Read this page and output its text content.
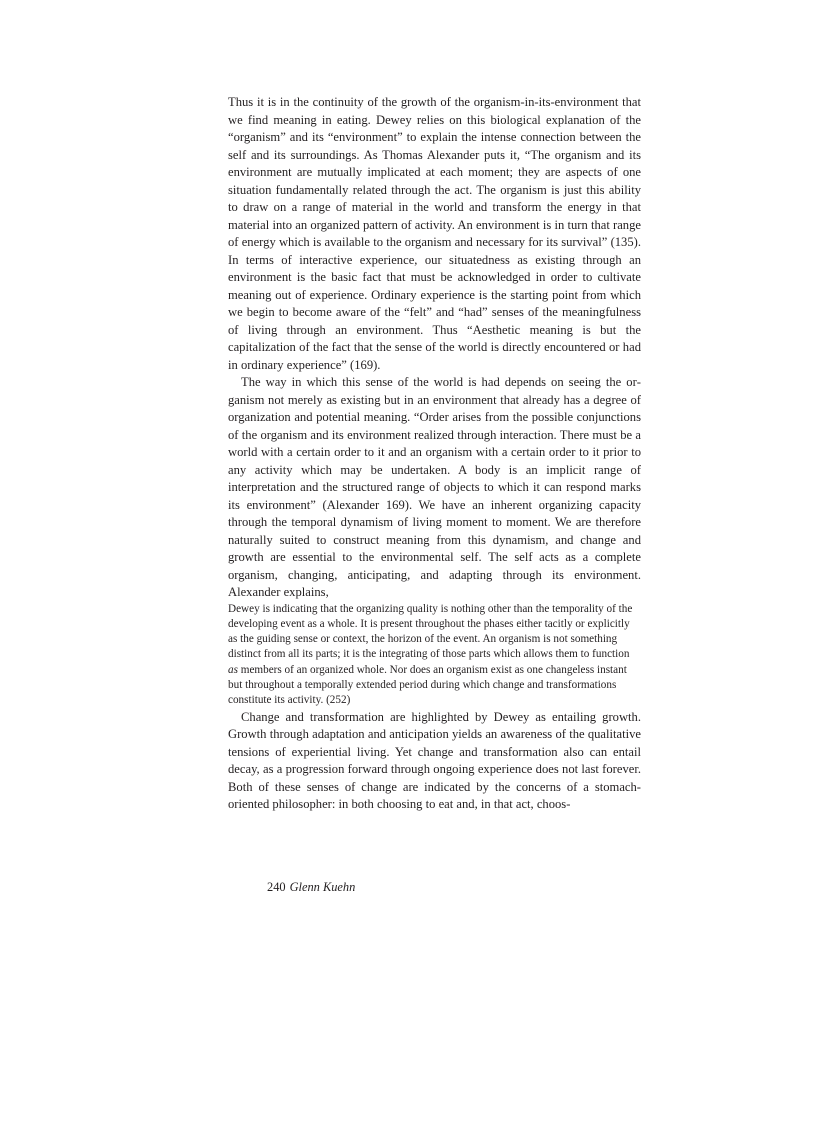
Thus it is in the continuity of the growth of the organism-in-its-environment that we find meaning in eating. Dewey relies on this biological explanation of the “organism” and its “environment” to explain the intense connection between the self and its surroundings. As Thomas Alexander puts it, “The organism and its environment are mutually implicated at each moment; they are aspects of one situation fundamentally related through the act. The organism is just this ability to draw on a range of material in the world and transform the energy in that material into an organized pattern of activity. An environment is in turn that range of energy which is available to the organism and necessary for its survival” (135). In terms of interactive experience, our situatedness as existing through an environment is the basic fact that must be acknowledged in order to cultivate meaning out of experience. Ordinary experience is the starting point from which we begin to become aware of the “felt” and “had” senses of the meaningfulness of living through an environment. Thus “Aesthetic meaning is but the capitalization of the fact that the sense of the world is directly encountered or had in ordinary experience” (169).

The way in which this sense of the world is had depends on seeing the organism not merely as existing but in an environment that already has a degree of organization and potential meaning. “Order arises from the possible conjunctions of the organism and its environment realized through interaction. There must be a world with a certain order to it and an organism with a certain order to it prior to any activity which may be undertaken. A body is an implicit range of interpretation and the structured range of objects to which it can respond marks its environment” (Alexander 169). We have an inherent organizing capacity through the temporal dynamism of living moment to moment. We are therefore naturally suited to construct meaning from this dynamism, and change and growth are essential to the environmental self. The self acts as a complete organism, changing, anticipating, and adapting through its environment. Alexander explains,

Dewey is indicating that the organizing quality is nothing other than the temporality of the developing event as a whole. It is present throughout the phases either tacitly or explicitly as the guiding sense or context, the horizon of the event. An organism is not something distinct from all its parts; it is the integrating of those parts which allows them to function as members of an organized whole. Nor does an organism exist as one changeless instant but throughout a temporally extended period during which change and transformations constitute its activity. (252)

Change and transformation are highlighted by Dewey as entailing growth. Growth through adaptation and anticipation yields an awareness of the qualitative tensions of experiential living. Yet change and transformation also can entail decay, as a progression forward through ongoing experience does not last forever. Both of these senses of change are indicated by the concerns of a stomach-oriented philosopher: in both choosing to eat and, in that act, choos-

240 Glenn Kuehn
